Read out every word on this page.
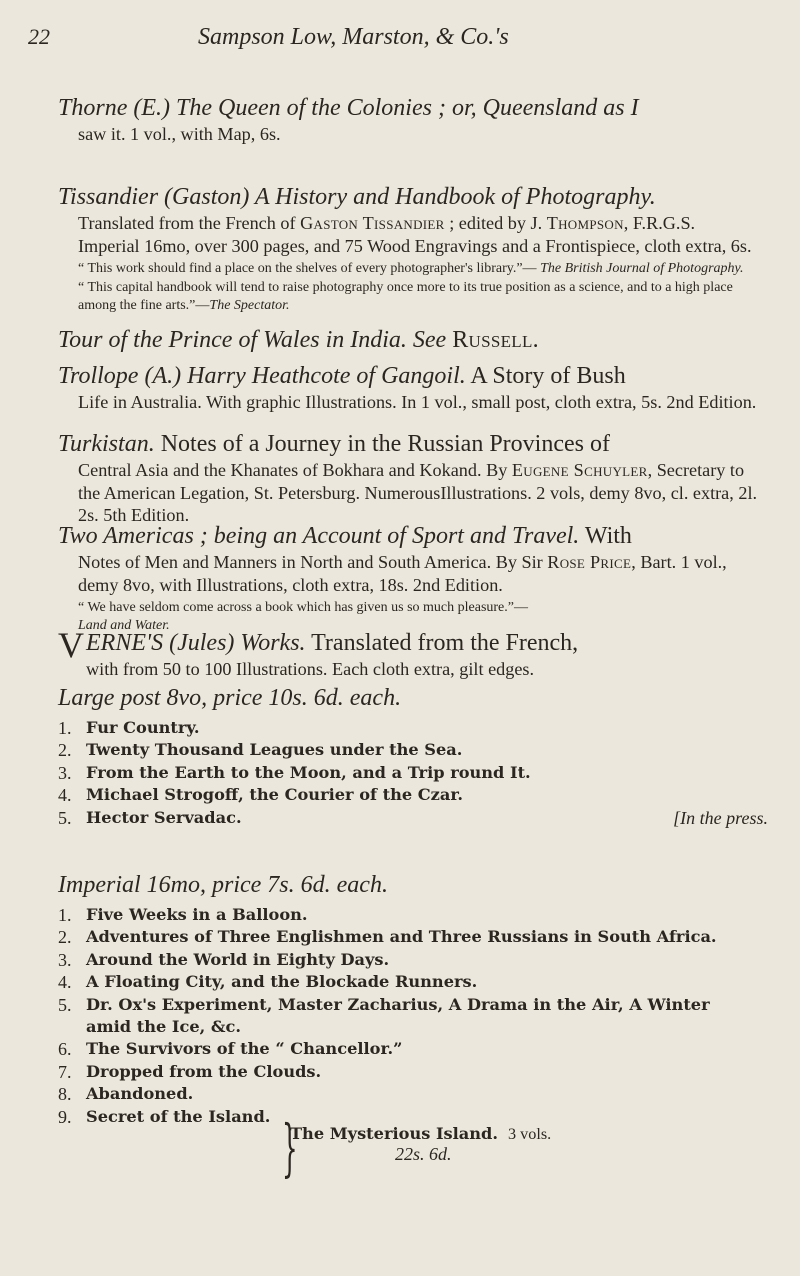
22	Sampson Low, Marston, & Co.'s

Thorne (E.) The Queen of the Colonies ; or, Queensland as I

saw it. 1 vol., with Map, 6s.

Tissandier (Gaston) A History and Handbook of Photography.

Translated from the French of Gaston Tissandier ; edited by J. Thompson, F.R.G.S. Imperial 16mo, over 300 pages, and 75 Wood Engravings and a Frontispiece, cloth extra, 6s.

“ This work should find a place on the shelves of every photographer's library.”— The British Journal of Photography.

“ This capital handbook will tend to raise photography once more to its true position as a science, and to a high place among the fine arts.”—The Spectator.

Tour of the Prince of Wales in India. See Russell.

Trollope (A.) Harry Heathcote of Gangoil. A Story of Bush

Life in Australia. With graphic Illustrations. In 1 vol., small post, cloth extra, 5s. 2nd Edition.

Turkistan. Notes of a Journey in the Russian Provinces of

Central Asia and the Khanates of Bokhara and Kokand. By Eugene Schuyler, Secretary to the American Legation, St. Petersburg. NumerousIllustrations. 2 vols, demy 8vo, cl. extra, 2l. 2s. 5th Edition.

Two Americas ; being an Account of Sport and Travel. With

Notes of Men and Manners in North and South America. By Sir Rose Price, Bart. 1 vol., demy 8vo, with Illustrations, cloth extra, 18s. 2nd Edition.

“ We have seldom come across a book which has given us so much pleasure.”—
Land and Water.

V ERNE'S (Jules) Works. Translated from the French,
with from 50 to 100 Illustrations. Each cloth extra, gilt edges.
Large post 8vo, price 10s. 6d. each.
1. Fur Country.
2. Twenty Thousand Leagues under the Sea.
3. From the Earth to the Moon, and a Trip round It.
4. Michael Strogoff, the Courier of the Czar.
5. Hector Servadac.	[In the press.
Imperial 16mo, price 7s. 6d. each.
1. Five Weeks in a Balloon.
2. Adventures of Three Englishmen and Three Russians in South Africa.
3. Around the World in Eighty Days.
4. A Floating City, and the Blockade Runners.
5. Dr. Ox's Experiment, Master Zacharius, A Drama in the Air, A Winter amid the Ice, &c.
6. The Survivors of the “ Chancellor.”
7. Dropped from the Clouds.
8. Abandoned.
9. Secret of the Island. }
The Mysterious Island. 3 vols.
22s. 6d.
